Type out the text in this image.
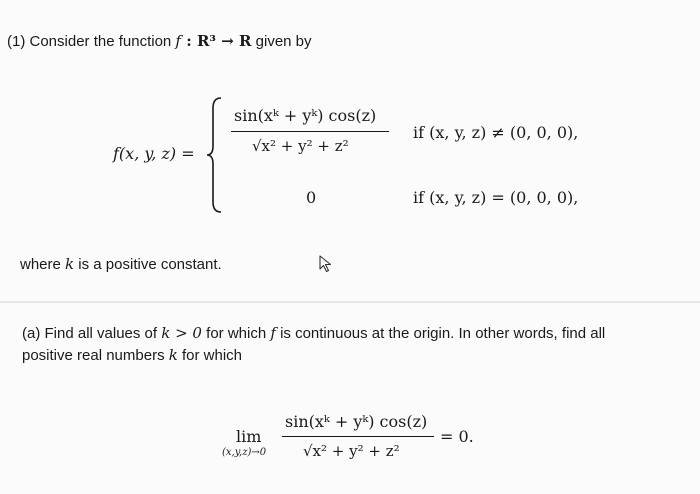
(1) Consider the function f : R³ → R given by
f(x, y, z) =
sin(xᵏ + yᵏ) cos(z)
√x² + y² + z²
if (x, y, z) ≠ (0, 0, 0),
0	if (x, y, z) = (0, 0, 0),
where k is a positive constant.
(a) Find all values of k > 0 for which f is continuous at the origin. In other words, find all
positive real numbers k for which
lim
(x,y,z)→0
sin(xᵏ + yᵏ) cos(z)
√x² + y² + z²
= 0.
